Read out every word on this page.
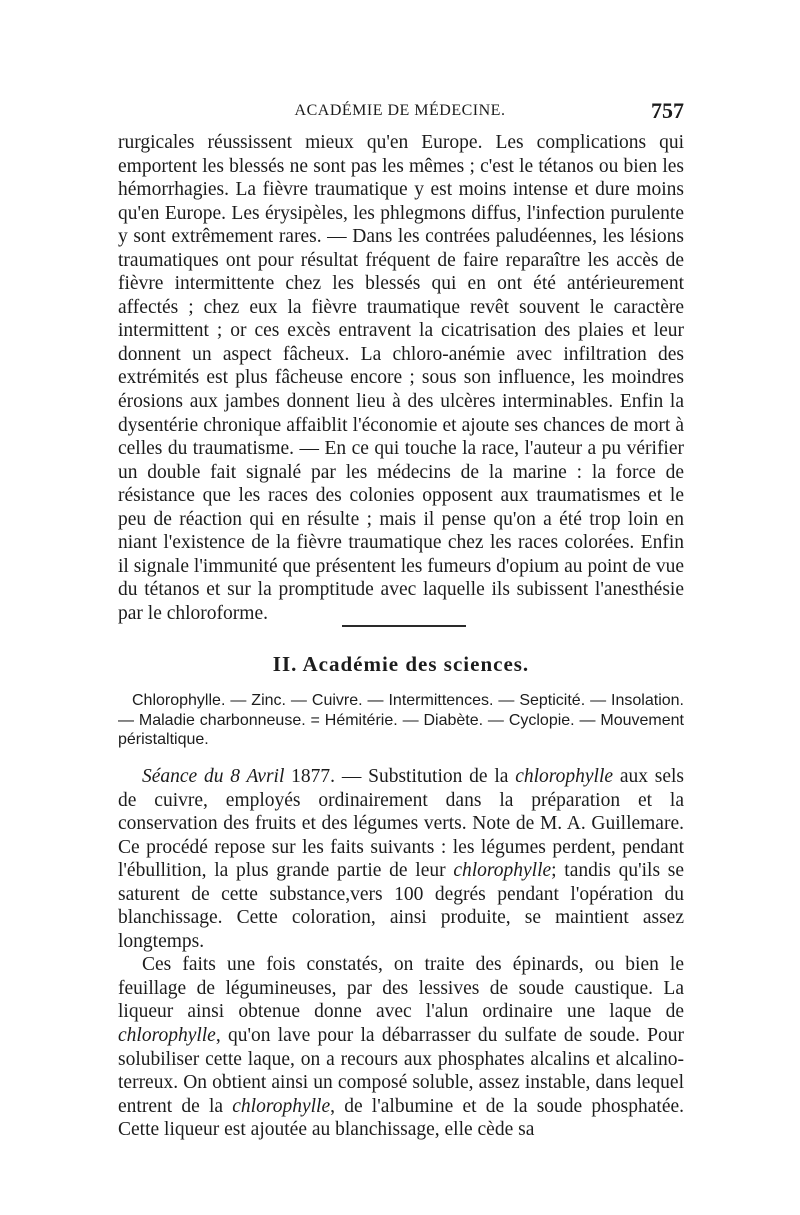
ACADÉMIE DE MÉDECINE.	757

rurgicales réussissent mieux qu'en Europe. Les complications qui emportent les blessés ne sont pas les mêmes ; c'est le tétanos ou bien les hémorrhagies. La fièvre traumatique y est moins intense et dure moins qu'en Europe. Les érysipèles, les phlegmons diffus, l'infection purulente y sont extrêmement rares. — Dans les contrées paludéennes, les lésions traumatiques ont pour résultat fréquent de faire reparaître les accès de fièvre intermittente chez les blessés qui en ont été antérieurement affectés ; chez eux la fièvre traumatique revêt souvent le caractère intermittent ; or ces excès entravent la cicatrisation des plaies et leur donnent un aspect fâcheux. La chloro-anémie avec infiltration des extrémités est plus fâcheuse encore ; sous son influence, les moindres érosions aux jambes donnent lieu à des ulcères interminables. Enfin la dysentérie chronique affaiblit l'économie et ajoute ses chances de mort à celles du traumatisme. — En ce qui touche la race, l'auteur a pu vérifier un double fait signalé par les médecins de la marine : la force de résistance que les races des colonies opposent aux traumatismes et le peu de réaction qui en résulte ; mais il pense qu'on a été trop loin en niant l'existence de la fièvre traumatique chez les races colorées. Enfin il signale l'immunité que présentent les fumeurs d'opium au point de vue du tétanos et sur la promptitude avec laquelle ils subissent l'anesthésie par le chloroforme.

II. Académie des sciences.

Chlorophylle. — Zinc. — Cuivre. — Intermittences. — Septicité. — Insolation. — Maladie charbonneuse. = Hémitérie. — Diabète. — Cyclopie. — Mouvement péristaltique.

Séance du 8 Avril 1877. — Substitution de la chlorophylle aux sels de cuivre, employés ordinairement dans la préparation et la conservation des fruits et des légumes verts. Note de M. A. Guillemare. Ce procédé repose sur les faits suivants : les légumes perdent, pendant l'ébullition, la plus grande partie de leur chlorophylle; tandis qu'ils se saturent de cette substance,vers 100 degrés pendant l'opération du blanchissage. Cette coloration, ainsi produite, se maintient assez longtemps.

Ces faits une fois constatés, on traite des épinards, ou bien le feuillage de légumineuses, par des lessives de soude caustique. La liqueur ainsi obtenue donne avec l'alun ordinaire une laque de chlorophylle, qu'on lave pour la débarrasser du sulfate de soude. Pour solubiliser cette laque, on a recours aux phosphates alcalins et alcalino-terreux. On obtient ainsi un composé soluble, assez instable, dans lequel entrent de la chlorophylle, de l'albumine et de la soude phosphatée. Cette liqueur est ajoutée au blanchissage, elle cède sa
